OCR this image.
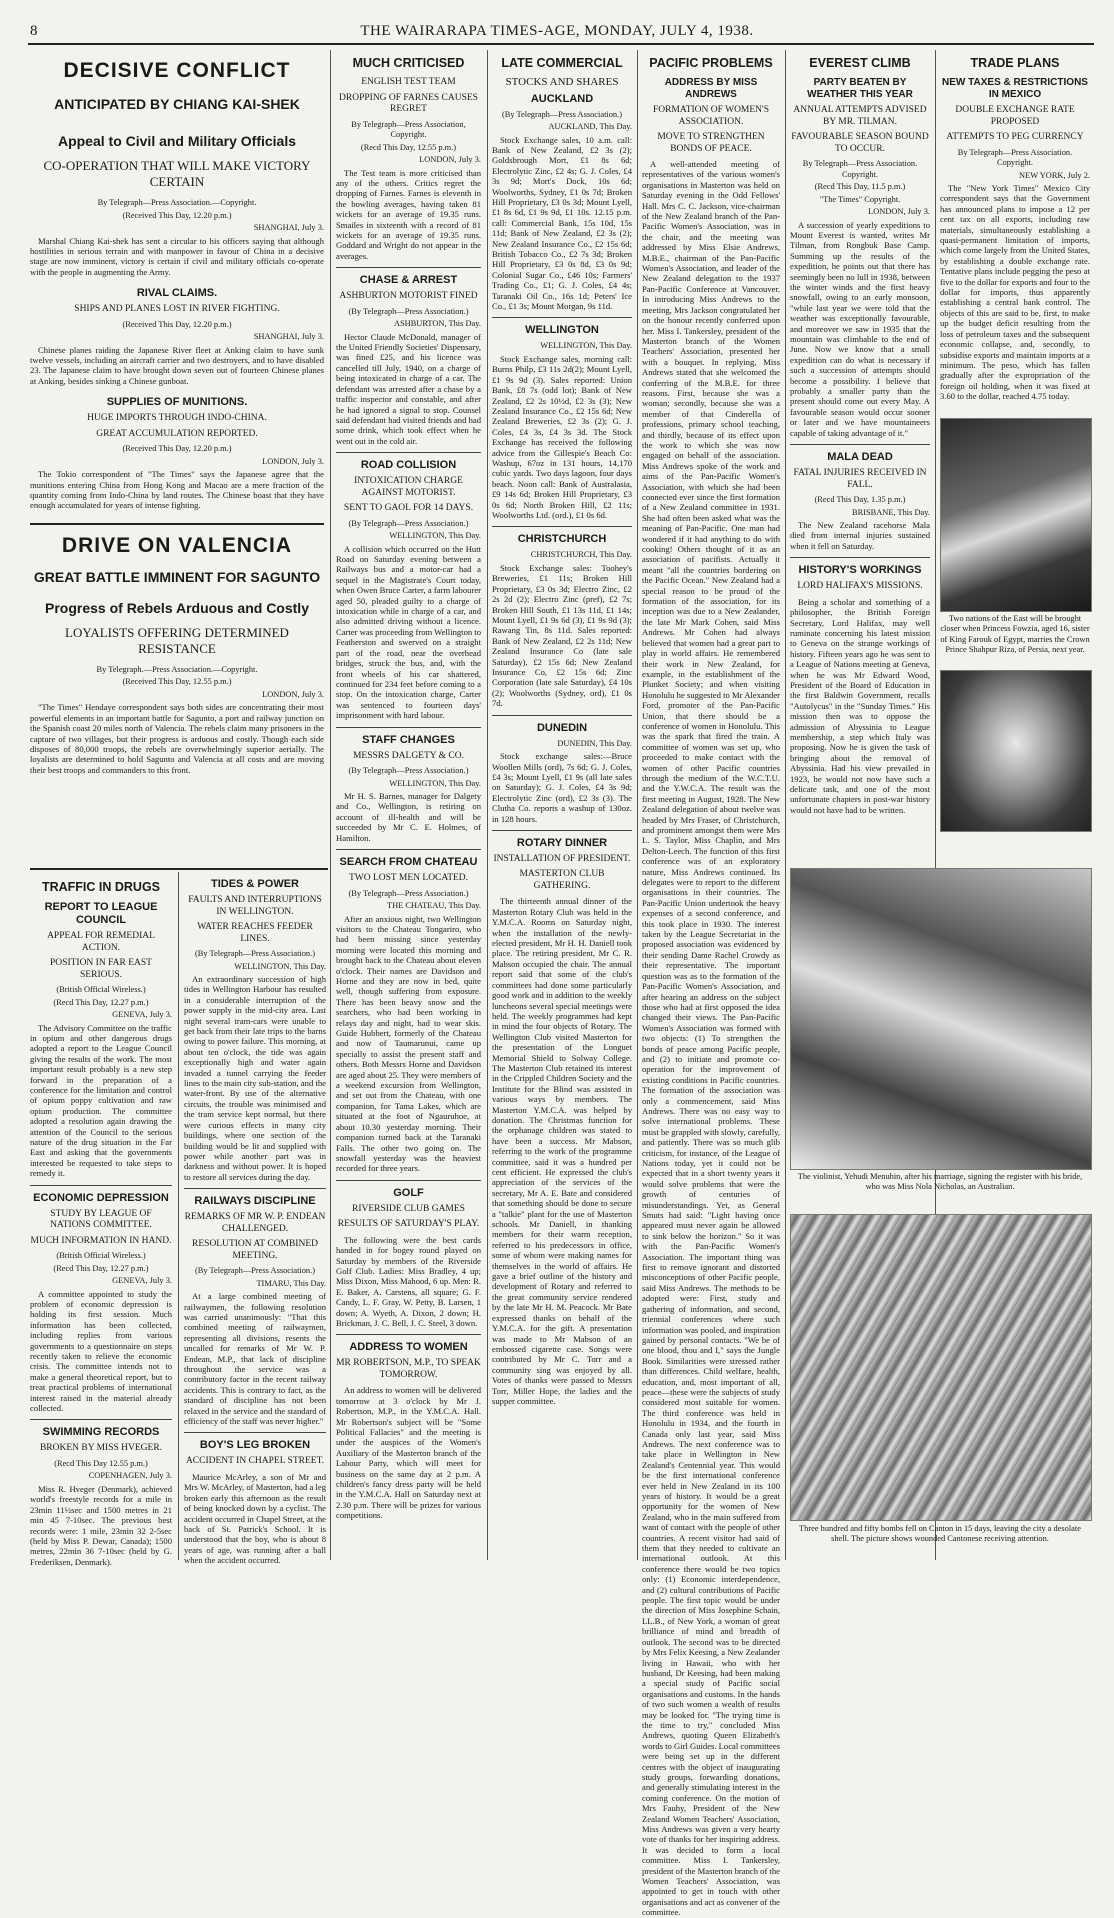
8	THE WAIRARAPA TIMES-AGE, MONDAY, JULY 4, 1938.
DECISIVE CONFLICT
ANTICIPATED BY CHIANG KAI-SHEK
Appeal to Civil and Military Officials
CO-OPERATION THAT WILL MAKE VICTORY CERTAIN
By Telegraph—Press Association.—Copyright.
(Received This Day, 12.20 p.m.)
SHANGHAI, July 3.

Marshal Chiang Kai-shek has sent a circular to his officers saying that although hostilities in serious terrain and with manpower in favour of China in a decisive stage are now imminent, victory is certain if civil and military officials co-operate with the people in augmenting the Army.

RIVAL CLAIMS.
SHIPS AND PLANES LOST IN RIVER FIGHTING.
(Received This Day, 12.20 p.m.)
SHANGHAI, July 3.

Chinese planes raiding the Japanese River fleet at Anking claim to have sunk twelve vessels, including an aircraft carrier and two destroyers, and to have disabled 23. The Japanese claim to have brought down seven out of fourteen Chinese planes at Anking, besides sinking a Chinese gunboat.

SUPPLIES OF MUNITIONS.
HUGE IMPORTS THROUGH INDO-CHINA.
GREAT ACCUMULATION REPORTED.
(Received This Day, 12.20 p.m.)
LONDON, July 3.

The Tokio correspondent of "The Times" says the Japanese agree that the munitions entering China from Hong Kong and Macao are a mere fraction of the quantity coming from Indo-China by land routes. The Chinese boast that they have enough accumulated for years of intense fighting.

DRIVE ON VALENCIA
GREAT BATTLE IMMINENT FOR SAGUNTO
Progress of Rebels Arduous and Costly
LOYALISTS OFFERING DETERMINED RESISTANCE
By Telegraph.—Press Association.—Copyright.
(Received This Day, 12.55 p.m.)
LONDON, July 3.

"The Times" Hendaye correspondent says both sides are concentrating their most powerful elements in an important battle for Sagunto, a port and railway junction on the Spanish coast 20 miles north of Valencia. The rebels claim many prisoners in the capture of two villages, but their progress is arduous and costly. Though each side disposes of 80,000 troops, the rebels are overwhelmingly superior aerially. The loyalists are determined to hold Sagunto and Valencia at all costs and are moving their best troops and commanders to this front.

TRAFFIC IN DRUGS
REPORT TO LEAGUE COUNCIL
APPEAL FOR REMEDIAL ACTION.
POSITION IN FAR EAST SERIOUS.
(British Official Wireless.)
(Recd This Day, 12.27 p.m.)
GENEVA, July 3.

The Advisory Committee on the traffic in opium and other dangerous drugs adopted a report to the League Council giving the results of the work. The most important result probably is a new step forward in the preparation of a conference for the limitation and control of opium poppy cultivation and raw opium production. The committee adopted a resolution again drawing the attention of the Council to the serious nature of the drug situation in the Far East and asking that the governments interested be requested to take steps to remedy it.

ECONOMIC DEPRESSION
STUDY BY LEAGUE OF NATIONS COMMITTEE.
MUCH INFORMATION IN HAND.
(British Official Wireless.)
(Recd This Day, 12.27 p.m.)
GENEVA, July 3.

A committee appointed to study the problem of economic depression is holding its first session. Much information has been collected, including replies from various governments to a questionnaire on steps recently taken to relieve the economic crisis. The committee intends not to make a general theoretical report, but to treat practical problems of international interest raised in the material already collected.

SWIMMING RECORDS
BROKEN BY MISS HVEGER.
(Recd This Day 12.55 p.m.)
COPENHAGEN, July 3.

Miss R. Hveger (Denmark), achieved world's freestyle records for a mile in 23min 11½sec and 1500 metres in 21 min 45 7-10sec. The previous best records were: 1 mile, 23min 32 2-5sec (held by Miss P. Dewar, Canada); 1500 metres, 22min 36 7-10sec (held by G. Frederiksen, Denmark).

TIDES & POWER
FAULTS AND INTERRUPTIONS IN WELLINGTON.
WATER REACHES FEEDER LINES.
(By Telegraph—Press Association.)
WELLINGTON, This Day.

An extraordinary succession of high tides in Wellington Harbour has resulted in a considerable interruption of the power supply in the mid-city area. Last night several tram-cars were unable to get back from their late trips to the barns owing to power failure. This morning, at about ten o'clock, the tide was again exceptionally high and water again invaded a tunnel carrying the feeder lines to the main city sub-station, and the water-front. By use of the alternative circuits, the trouble was minimised and the tram service kept normal, but there were curious effects in many city buildings, where one section of the building would be lit and supplied with power while another part was in darkness and without power. It is hoped to restore all services during the day.

RAILWAYS DISCIPLINE
REMARKS OF MR W. P. ENDEAN CHALLENGED.
RESOLUTION AT COMBINED MEETING.
(By Telegraph—Press Association.)
TIMARU, This Day.

At a large combined meeting of railwaymen, the following resolution was carried unanimously: "That this combined meeting of railwaymen, representing all divisions, resents the uncalled for remarks of Mr W. P. Endean, M.P., that lack of discipline throughout the service was a contributory factor in the recent railway accidents. This is contrary to fact, as the standard of discipline has not been relaxed in the service and the standard of efficiency of the staff was never higher."

BOY'S LEG BROKEN
ACCIDENT IN CHAPEL STREET.

Maurice McArley, a son of Mr and Mrs W. McArley, of Masterton, had a leg broken early this afternoon as the result of being knocked down by a cyclist. The accident occurred in Chapel Street, at the back of St. Patrick's School. It is understood that the boy, who is about 8 years of age, was running after a ball when the accident occurred.

MUCH CRITICISED
ENGLISH TEST TEAM
DROPPING OF FARNES CAUSES REGRET
By Telegraph—Press Association, Copyright.
(Recd This Day, 12.55 p.m.)
LONDON, July 3.

The Test team is more criticised than any of the others. Critics regret the dropping of Farnes. Farnes is eleventh in the bowling averages, having taken 81 wickets for an average of 19.35 runs. Smailes in sixteenth with a record of 81 wickets for an average of 19.35 runs. Goddard and Wright do not appear in the averages.

CHASE & ARREST
ASHBURTON MOTORIST FINED
(By Telegraph—Press Association.)
ASHBURTON, This Day.

Hector Claude McDonald, manager of the United Friendly Societies' Dispensary, was fined £25, and his licence was cancelled till July, 1940, on a charge of being intoxicated in charge of a car. The defendant was arrested after a chase by a traffic inspector and constable, and after he had ignored a signal to stop. Counsel said defendant had visited friends and had some drink, which took effect when he went out in the cold air.

ROAD COLLISION
INTOXICATION CHARGE AGAINST MOTORIST.
SENT TO GAOL FOR 14 DAYS.
(By Telegraph—Press Association.)
WELLINGTON, This Day.

A collision which occurred on the Hutt Road on Saturday evening between a Railways bus and a motor-car had a sequel in the Magistrate's Court today, when Owen Bruce Carter, a farm labourer aged 50, pleaded guilty to a charge of intoxication while in charge of a car, and also admitted driving without a licence. Carter was proceeding from Wellington to Featherston and swerved on a straight part of the road, near the overhead bridges, struck the bus, and, with the front wheels of his car shattered, continued for 234 feet before coming to a stop. On the intoxication charge, Carter was sentenced to fourteen days' imprisonment with hard labour.

STAFF CHANGES
MESSRS DALGETY & CO.
(By Telegraph—Press Association.)
WELLINGTON, This Day.

Mr H. S. Barnes, manager for Dalgety and Co., Wellington, is retiring on account of ill-health and will be succeeded by Mr C. E. Holmes, of Hamilton.

SEARCH FROM CHATEAU
TWO LOST MEN LOCATED.
(By Telegraph—Press Association.)
THE CHATEAU, This Day.

After an anxious night, two Wellington visitors to the Chateau Tongariro, who had been missing since yesterday morning were located this morning and brought back to the Chateau about eleven o'clock. Their names are Davidson and Horne and they are now in bed, quite well, though suffering from exposure. There has been heavy snow and the searchers, who had been working in relays day and night, had to wear skis. Guide Hubbert, formerly of the Chateau and now of Taumarunui, came up specially to assist the present staff and others. Both Messrs Horne and Davidson are aged about 25. They were members of a weekend excursion from Wellington, and set out from the Chateau, with one companion, for Tama Lakes, which are situated at the foot of Ngauruhoe, at about 10.30 yesterday morning. Their companion turned back at the Taranaki Falls. The other two going on. The snowfall yesterday was the heaviest recorded for three years.

GOLF
RIVERSIDE CLUB GAMES
RESULTS OF SATURDAY'S PLAY.

The following were the best cards handed in for bogey round played on Saturday by members of the Riverside Golf Club. Ladies: Miss Bradley, 4 up; Miss Dixon, Miss Mahood, 6 up. Men: R. E. Baker, A. Carstens, all square; G. F. Candy, L. F. Gray, W. Petty, B. Larsen, 1 down; A. Wyeth, A. Dixon, 2 down; H. Brickman, J. C. Bell, J. C. Steel, 3 down.

ADDRESS TO WOMEN
MR ROBERTSON, M.P., TO SPEAK TOMORROW.

An address to women will be delivered tomorrow at 3 o'clock by Mr J. Robertson, M.P., in the Y.M.C.A. Hall. Mr Robertson's subject will be "Some Political Fallacies" and the meeting is under the auspices of the Women's Auxiliary of the Masterton branch of the Labour Party, which will meet for business on the same day at 2 p.m. A children's fancy dress party will be held in the Y.M.C.A. Hall on Saturday next at 2.30 p.m. There will be prizes for various competitions.

LATE COMMERCIAL
STOCKS AND SHARES
AUCKLAND
(By Telegraph—Press Association.)
AUCKLAND, This Day.

Stock Exchange sales, 10 a.m. call: Bank of New Zealand, £2 3s (2); Goldsbrough Mort, £1 8s 6d; Electrolytic Zinc, £2 4s; G. J. Coles, £4 3s 9d; Mort's Dock, 10s 6d; Woolworths, Sydney, £1 0s 7d; Broken Hill Proprietary, £3 0s 3d; Mount Lyell, £1 8s 6d, £1 9s 9d, £1 10s. 12.15 p.m. call: Commercial Bank, 15s 10d, 15s 11d; Bank of New Zealand, £2 3s (2); New Zealand Insurance Co., £2 15s 6d; British Tobacco Co., £2 7s 3d; Broken Hill Proprietary, £3 0s 8d, £3 0s 9d; Colonial Sugar Co., £46 10s; Farmers' Trading Co., £1; G. J. Coles, £4 4s; Taranaki Oil Co., 16s 1d; Peters' Ice Co., £1 3s; Mount Morgan, 9s 11d.

WELLINGTON
WELLINGTON, This Day.

Stock Exchange sales, morning call: Burns Philp, £3 11s 2d(2); Mount Lyell, £1 9s 9d (3). Sales reported: Union Bank, £8 7s (odd lot); Bank of New Zealand, £2 2s 10½d, £2 3s (3); New Zealand Insurance Co., £2 15s 6d; New Zealand Breweries, £2 3s (2); G. J. Coles, £4 3s, £4 3s 3d. The Stock Exchange has received the following advice from the Gillespie's Beach Co: Washup, 67oz in 131 hours, 14,170 cubic yards. Two days lagoon, four days beach. Noon call: Bank of Australasia, £9 14s 6d; Broken Hill Proprietary, £3 0s 6d; North Broken Hill, £2 11s; Woolworths Ltd. (ord.), £1 0s 6d.

CHRISTCHURCH
CHRISTCHURCH, This Day.

Stock Exchange sales: Toohey's Breweries, £1 11s; Broken Hill Proprietary, £3 0s 3d; Electro Zinc, £2 2s 2d (2); Electro Zinc (pref), £2 7s; Broken Hill South, £1 13s 11d, £1 14s; Mount Lyell, £1 9s 6d (3), £1 9s 9d (3); Rawang Tin, 8s 11d. Sales reported: Bank of New Zealand, £2 2s 11d; New Zealand Insurance Co (late sale Saturday), £2 15s 6d; New Zealand Insurance Co, £2 15s 6d; Zinc Corporation (late sale Saturday), £4 10s (2); Woolworths (Sydney, ord), £1 0s 7d.

DUNEDIN
DUNEDIN, This Day.

Stock exchange sales:—Bruce Woollen Mills (ord), 7s 6d; G. J. Coles, £4 3s; Mount Lyell, £1 9s (all late sales on Saturday); G. J. Coles, £4 3s 9d; Electrolytic Zinc (ord), £2 3s (3). The Clutha Co. reports a washup of 130oz. in 128 hours.

ROTARY DINNER
INSTALLATION OF PRESIDENT.
MASTERTON CLUB GATHERING.

The thirteenth annual dinner of the Masterton Rotary Club was held in the Y.M.C.A. Rooms on Saturday night, when the installation of the newly-elected president, Mr H. H. Daniell took place. The retiring president, Mr C. R. Mabson occupied the chair. The annual report said that some of the club's committees had done some particularly good work and in addition to the weekly luncheons several special meetings were held. The weekly programmes had kept in mind the four objects of Rotary. The Wellington Club visited Masterton for the presentation of the Longuet Memorial Shield to Solway College. The Masterton Club retained its interest in the Crippled Children Society and the Institute for the Blind was assisted in various ways by members. The Masterton Y.M.C.A. was helped by donation. The Christmas function for the orphanage children was stated to have been a success. Mr Mabson, referring to the work of the programme committee, said it was a hundred per cent efficient. He expressed the club's appreciation of the services of the secretary, Mr A. E. Bate and considered that something should be done to secure a "talkie" plant for the use of Masterton schools. Mr Daniell, in thanking members for their warm reception, referred to his predecessors in office, some of whom were making names for themselves in the world of affairs. He gave a brief outline of the history and development of Rotary and referred to the great community service rendered by the late Mr H. M. Peacock. Mr Bate expressed thanks on behalf of the Y.M.C.A. for the gift. A presentation was made to Mr Mabson of an embossed cigarette case. Songs were contributed by Mr C. Torr and a community sing was enjoyed by all. Votes of thanks were passed to Messrs Torr, Miller Hope, the ladies and the supper committee.

PACIFIC PROBLEMS
ADDRESS BY MISS ANDREWS
FORMATION OF WOMEN'S ASSOCIATION.
MOVE TO STRENGTHEN BONDS OF PEACE.

A well-attended meeting of representatives of the various women's organisations in Masterton was held on Saturday evening in the Odd Fellows' Hall. Mrs C. C. Jackson, vice-chairman of the New Zealand branch of the Pan-Pacific Women's Association, was in the chair, and the meeting was addressed by Miss Elsie Andrews, M.B.E., chairman of the Pan-Pacific Women's Association, and leader of the New Zealand delegation to the 1937 Pan-Pacific Conference at Vancouver. In introducing Miss Andrews to the meeting, Mrs Jackson congratulated her on the honour recently conferred upon her. Miss I. Tankersley, president of the Masterton branch of the Women Teachers' Association, presented her with a bouquet. In replying, Miss Andrews stated that she welcomed the conferring of the M.B.E. for three reasons. First, because she was a woman; secondly, because she was a member of that Cinderella of professions, primary school teaching, and thirdly, because of its effect upon the work to which she was now engaged on behalf of the association. Miss Andrews spoke of the work and aims of the Pan-Pacific Women's Association, with which she had been connected ever since the first formation of a New Zealand committee in 1931. She had often been asked what was the meaning of Pan-Pacific. One man had wondered if it had anything to do with cooking! Others thought of it as an association of pacifists. Actually it meant "all the countries bordering on the Pacific Ocean." New Zealand had a special reason to be proud of the formation of the association, for its inception was due to a New Zealander, the late Mr Mark Cohen, said Miss Andrews. Mr Cohen had always believed that women had a great part to play in world affairs. He remembered their work in New Zealand, for example, in the establishment of the Plunket Society; and when visiting Honolulu he suggested to Mr Alexander Ford, promoter of the Pan-Pacific Union, that there should be a conference of women in Honolulu. This was the spark that fired the train. A committee of women was set up, who proceeded to make contact with the women of other Pacific countries through the medium of the W.C.T.U. and the Y.W.C.A. The result was the first meeting in August, 1928. The New Zealand delegation of about twelve was headed by Mrs Fraser, of Christchurch, and prominent amongst them were Mrs L. S. Taylor, Miss Chaplin, and Mrs Delton-Leech. The function of this first conference was of an exploratory nature, Miss Andrews continued. Its delegates were to report to the different organisations in their countries. The Pan-Pacific Union undertook the heavy expenses of a second conference, and this took place in 1930. The interest taken by the League Secretariat in the proposed association was evidenced by their sending Dame Rachel Crowdy as their representative. The important question was as to the formation of the Pan-Pacific Women's Association, and after hearing an address on the subject those who had at first opposed the idea changed their views. The Pan-Pacific Women's Association was formed with two objects: (1) To strengthen the bonds of peace among Pacific people, and (2) to initiate and promote co-operation for the improvement of existing conditions in Pacific countries. The formation of the association was only a commencement, said Miss Andrews. There was no easy way to solve international problems. These must be grappled with slowly, carefully, and patiently. There was so much glib criticism, for instance, of the League of Nations today, yet it could not be expected that in a short twenty years it would solve problems that were the growth of centuries of misunderstandings. Yet, as General Smuts had said: "Light having once appeared must never again be allowed to sink below the horizon." So it was with the Pan-Pacific Women's Association. The important thing was first to remove ignorant and distorted misconceptions of other Pacific people, said Miss Andrews. The methods to be adopted were: First, study and gathering of information, and second, triennial conferences where such information was pooled, and inspiration gained by personal contacts. "We be of one blood, thou and I," says the Jungle Book. Similarities were stressed rather than differences. Child welfare, health, education, and, most important of all, peace—these were the subjects of study considered most suitable for women. The third conference was held in Honolulu in 1934, and the fourth in Canada only last year, said Miss Andrews. The next conference was to take place in Wellington in New Zealand's Centennial year. This would be the first international conference ever held in New Zealand in its 100 years of history. It would be a great opportunity for the women of New Zealand, who in the main suffered from want of contact with the people of other countries. A recent visitor had said of them that they needed to cultivate an international outlook. At this conference there would be two topics only: (1) Economic interdependence, and (2) cultural contributions of Pacific people. The first topic would be under the direction of Miss Josephine Schain, LL.B., of New York, a woman of great brilliance of mind and breadth of outlook. The second was to be directed by Mrs Felix Keesing, a New Zealander living in Hawaii, who with her husband, Dr Keesing, had been making a special study of Pacific social organisations and customs. In the hands of two such women a wealth of results may be looked for. "The trying time is the time to try," concluded Miss Andrews, quoting Queen Elizabeth's words to Girl Guides. Local committees were being set up in the different centres with the object of inaugurating study groups, forwarding donations, and generally stimulating interest in the coming conference. On the motion of Mrs Fauhy, President of the New Zealand Women Teachers' Association, Miss Andrews was given a very hearty vote of thanks for her inspiring address. It was decided to form a local committee. Miss I. Tankersley, president of the Masterton branch of the Women Teachers' Association, was appointed to get in touch with other organisations and act as convener of the committee.

EVEREST CLIMB
PARTY BEATEN BY WEATHER THIS YEAR
ANNUAL ATTEMPTS ADVISED BY MR. TILMAN.
FAVOURABLE SEASON BOUND TO OCCUR.
By Telegraph—Press Association. Copyright.
(Recd This Day, 11.5 p.m.)
"The Times" Copyright.
LONDON, July 3.

A succession of yearly expeditions to Mount Everest is wanted, writes Mr Tilman, from Rongbuk Base Camp. Summing up the results of the expedition, he points out that there has seemingly been no lull in 1938, between the winter winds and the first heavy snowfall, owing to an early monsoon, "while last year we were told that the weather was exceptionally favourable, and moreover we saw in 1935 that the mountain was climbable to the end of June. Now we know that a small expedition can do what is necessary if such a succession of attempts should become a possibility. I believe that probably a smaller party than the present should come out every May. A favourable season would occur sooner or later and we have mountaineers capable of taking advantage of it."

MALA DEAD
FATAL INJURIES RECEIVED IN FALL.
(Recd This Day, 1.35 p.m.)
BRISBANE, This Day.

The New Zealand racehorse Mala died from internal injuries sustained when it fell on Saturday.

HISTORY'S WORKINGS
LORD HALIFAX'S MISSIONS.

Being a scholar and something of a philosopher, the British Foreign Secretary, Lord Halifax, may well ruminate concerning his latest mission to Geneva on the strange workings of history. Fifteen years ago he was sent to a League of Nations meeting at Geneva, when he was Mr Edward Wood, President of the Board of Education in the first Baldwin Government, recalls "Autolycus" in the "Sunday Times." His mission then was to oppose the admission of Abyssinia to League membership, a step which Italy was proposing. Now he is given the task of bringing about the removal of Abyssinia. Had his view prevailed in 1923, he would not now have such a delicate task, and one of the most unfortunate chapters in post-war history would not have had to be written.

TRADE PLANS
NEW TAXES & RESTRICTIONS IN MEXICO
DOUBLE EXCHANGE RATE PROPOSED
ATTEMPTS TO PEG CURRENCY
By Telegraph—Press Association. Copyright.
NEW YORK, July 2.

The "New York Times" Mexico City correspondent says that the Government has announced plans to impose a 12 per cent tax on all exports, including raw materials, simultaneously establishing a quasi-permanent limitation of imports, which come largely from the United States, by establishing a double exchange rate. Tentative plans include pegging the peso at five to the dollar for exports and four to the dollar for imports, thus apparently establishing a central bank control. The objects of this are said to be, first, to make up the budget deficit resulting from the loss of petroleum taxes and the subsequent economic collapse, and, secondly, to subsidise exports and maintain imports at a minimum. The peso, which has fallen gradually after the expropriation of the foreign oil holding, when it was fixed at 3.60 to the dollar, reached 4.75 today.

Two nations of the East will be brought closer when Princess Fowzia, aged 16, sister of King Farouk of Egypt, marries the Crown Prince Shahpur Riza, of Persia, next year.
The violinist, Yehudi Menuhin, after his marriage, signing the register with his bride, who was Miss Nola Nicholas, an Australian.
Three hundred and fifty bombs fell on Canton in 15 days, leaving the city a desolate shell. The picture shows wounded Cantonese receiving attention.
